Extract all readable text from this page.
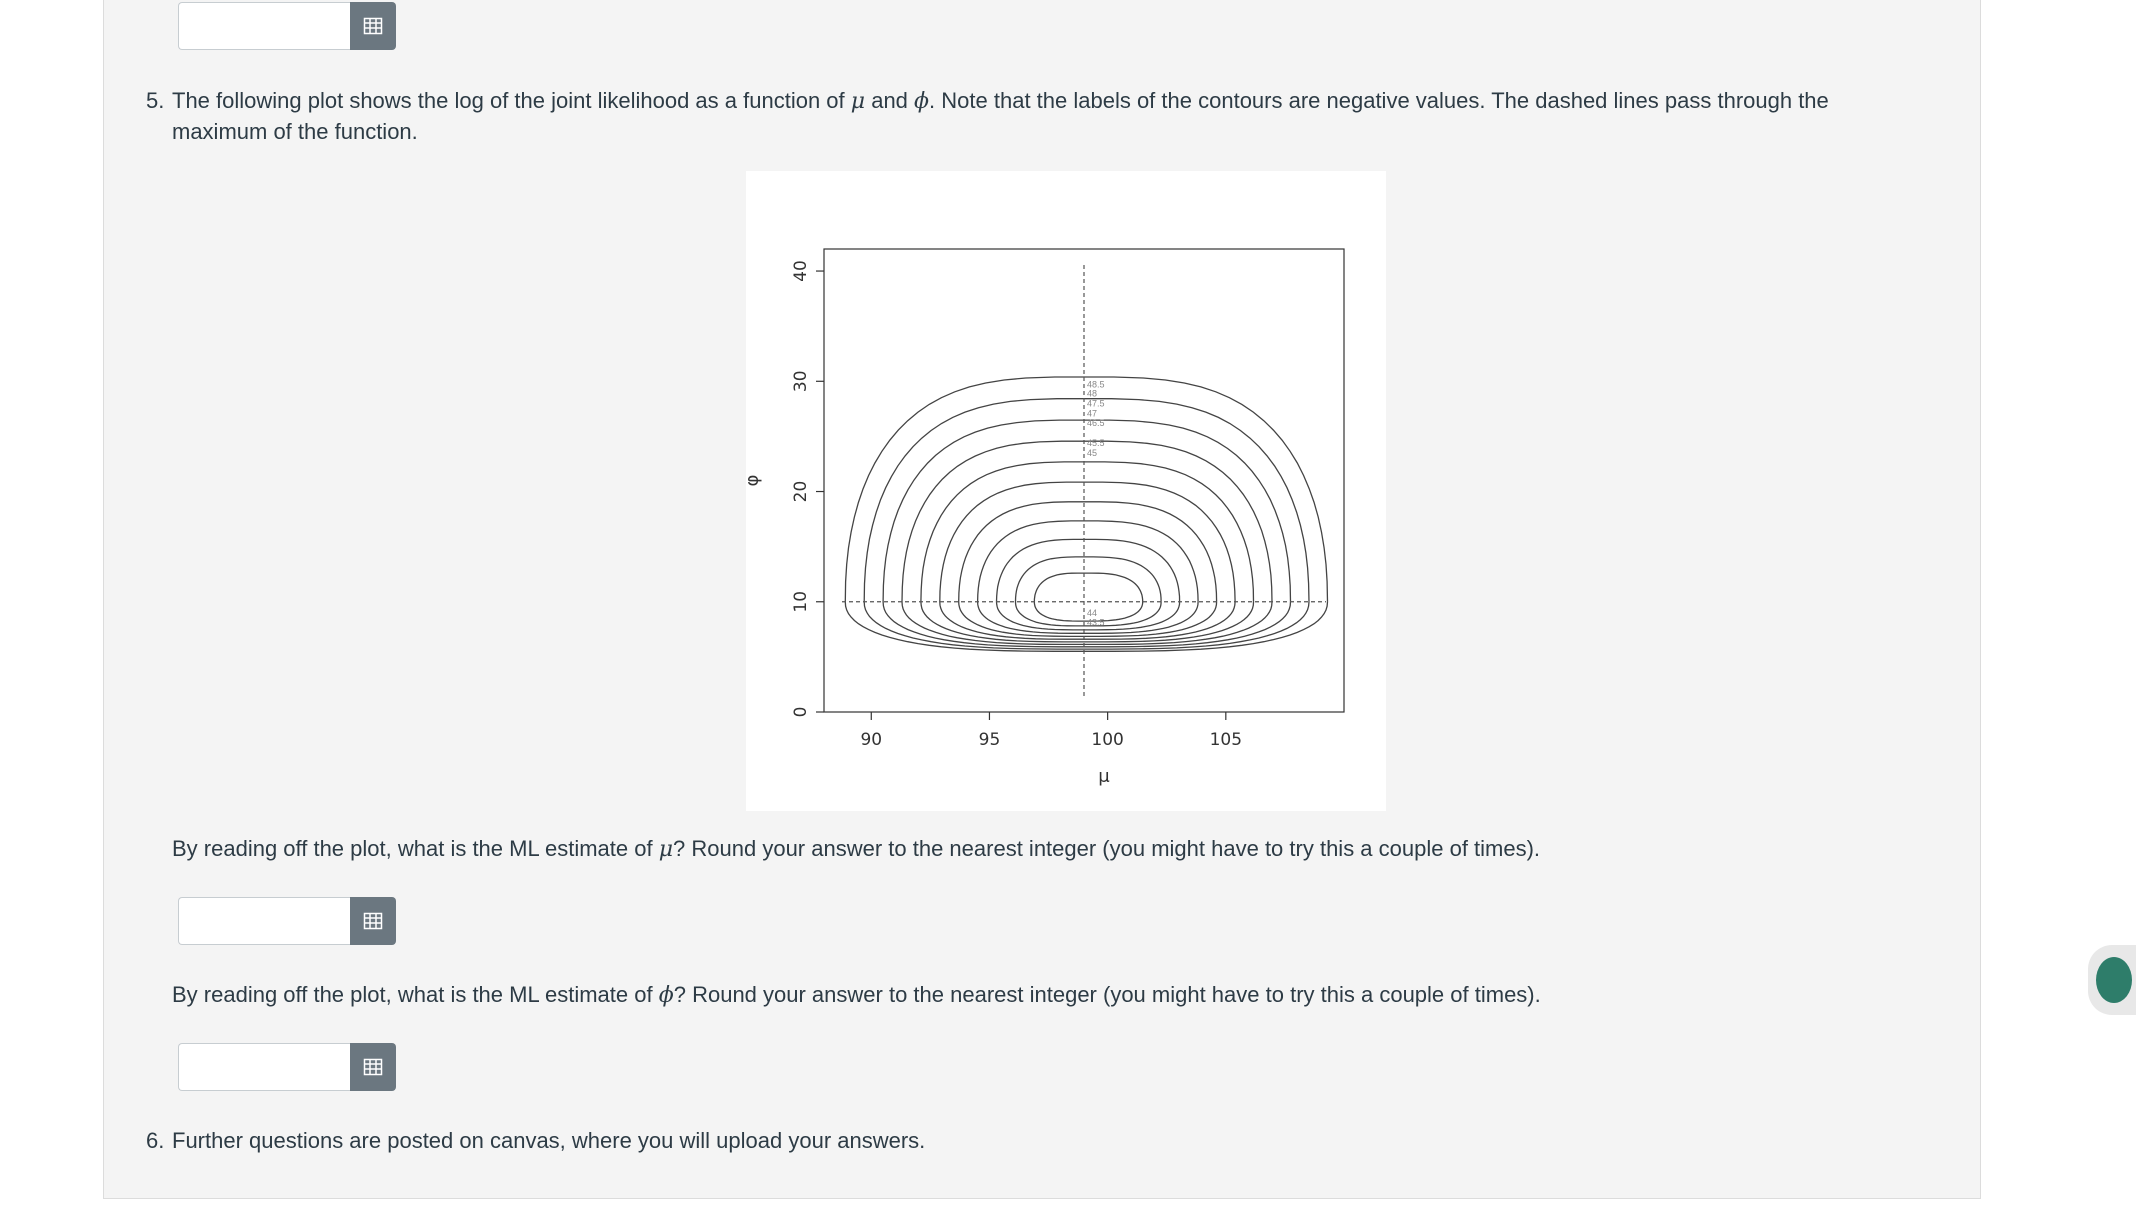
5. The following plot shows the log of the joint likelihood as a function of μ and ϕ. Note that the labels of the contours are negative values. The dashed lines pass through the
maximum of the function.
48.5
48
47.5
47
46.5
45.5
45
44
43.5
90	95	100	105
0
10
20
30
40
μ
φ
By reading off the plot, what is the ML estimate of μ? Round your answer to the nearest integer (you might have to try this a couple of times).
By reading off the plot, what is the ML estimate of ϕ? Round your answer to the nearest integer (you might have to try this a couple of times).
6. Further questions are posted on canvas, where you will upload your answers.
